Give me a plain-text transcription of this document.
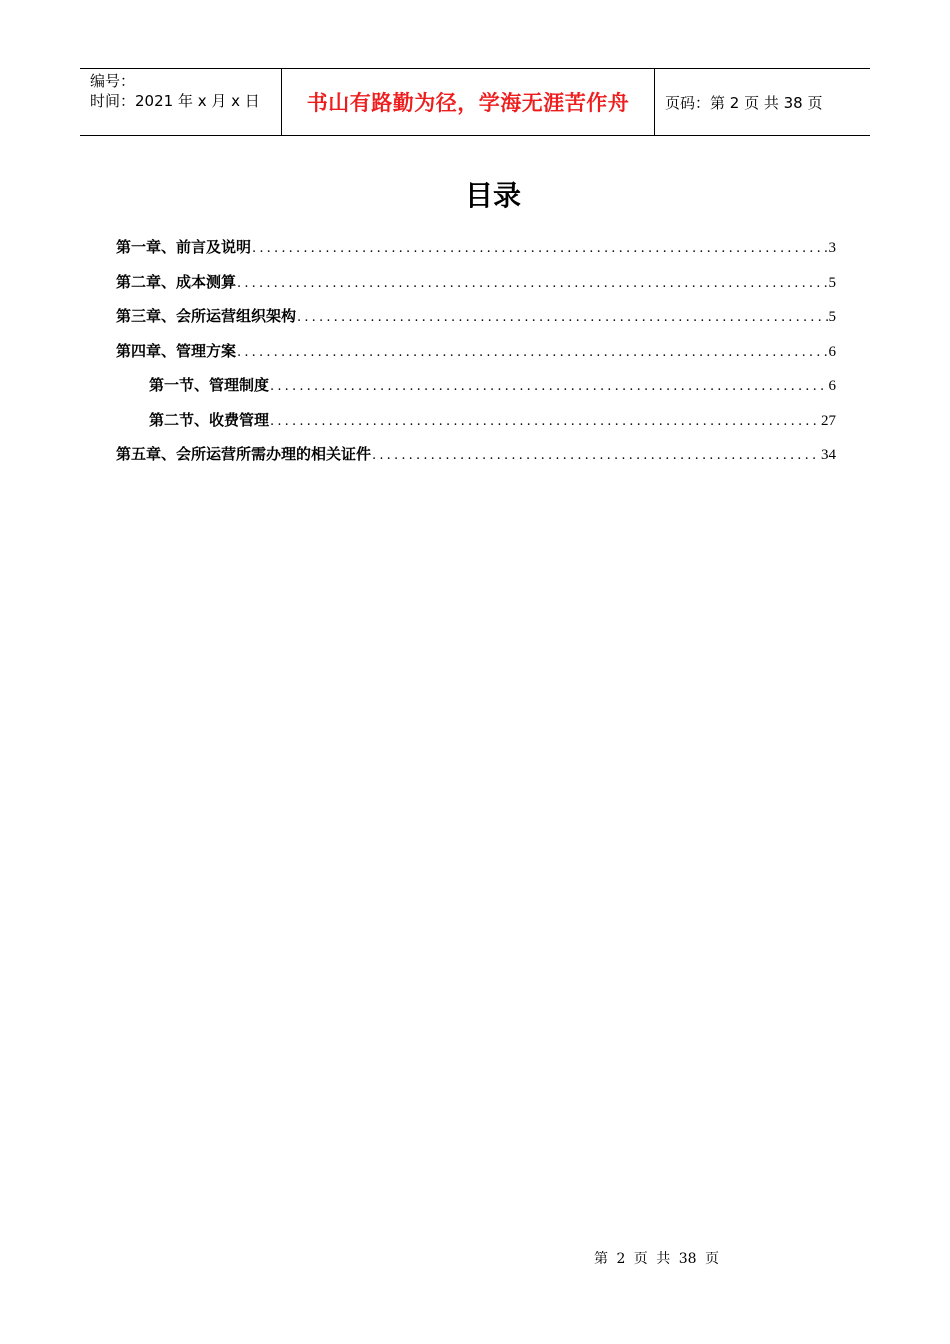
编号：
时间：2021 年 x 月 x 日	书山有路勤为径，学海无涯苦作舟 页码：第 2 页 共 38 页
目录
第一章、前言及说明 .....	3
第二章、成本测算 .....	5
第三章、会所运营组织架构 .....	5
第四章、管理方案 .....	6
第一节、管理制度 .....	6
第二节、收费管理 .....	27
第五章、会所运营所需办理的相关证件 .....	34
第 2 页 共 38 页
